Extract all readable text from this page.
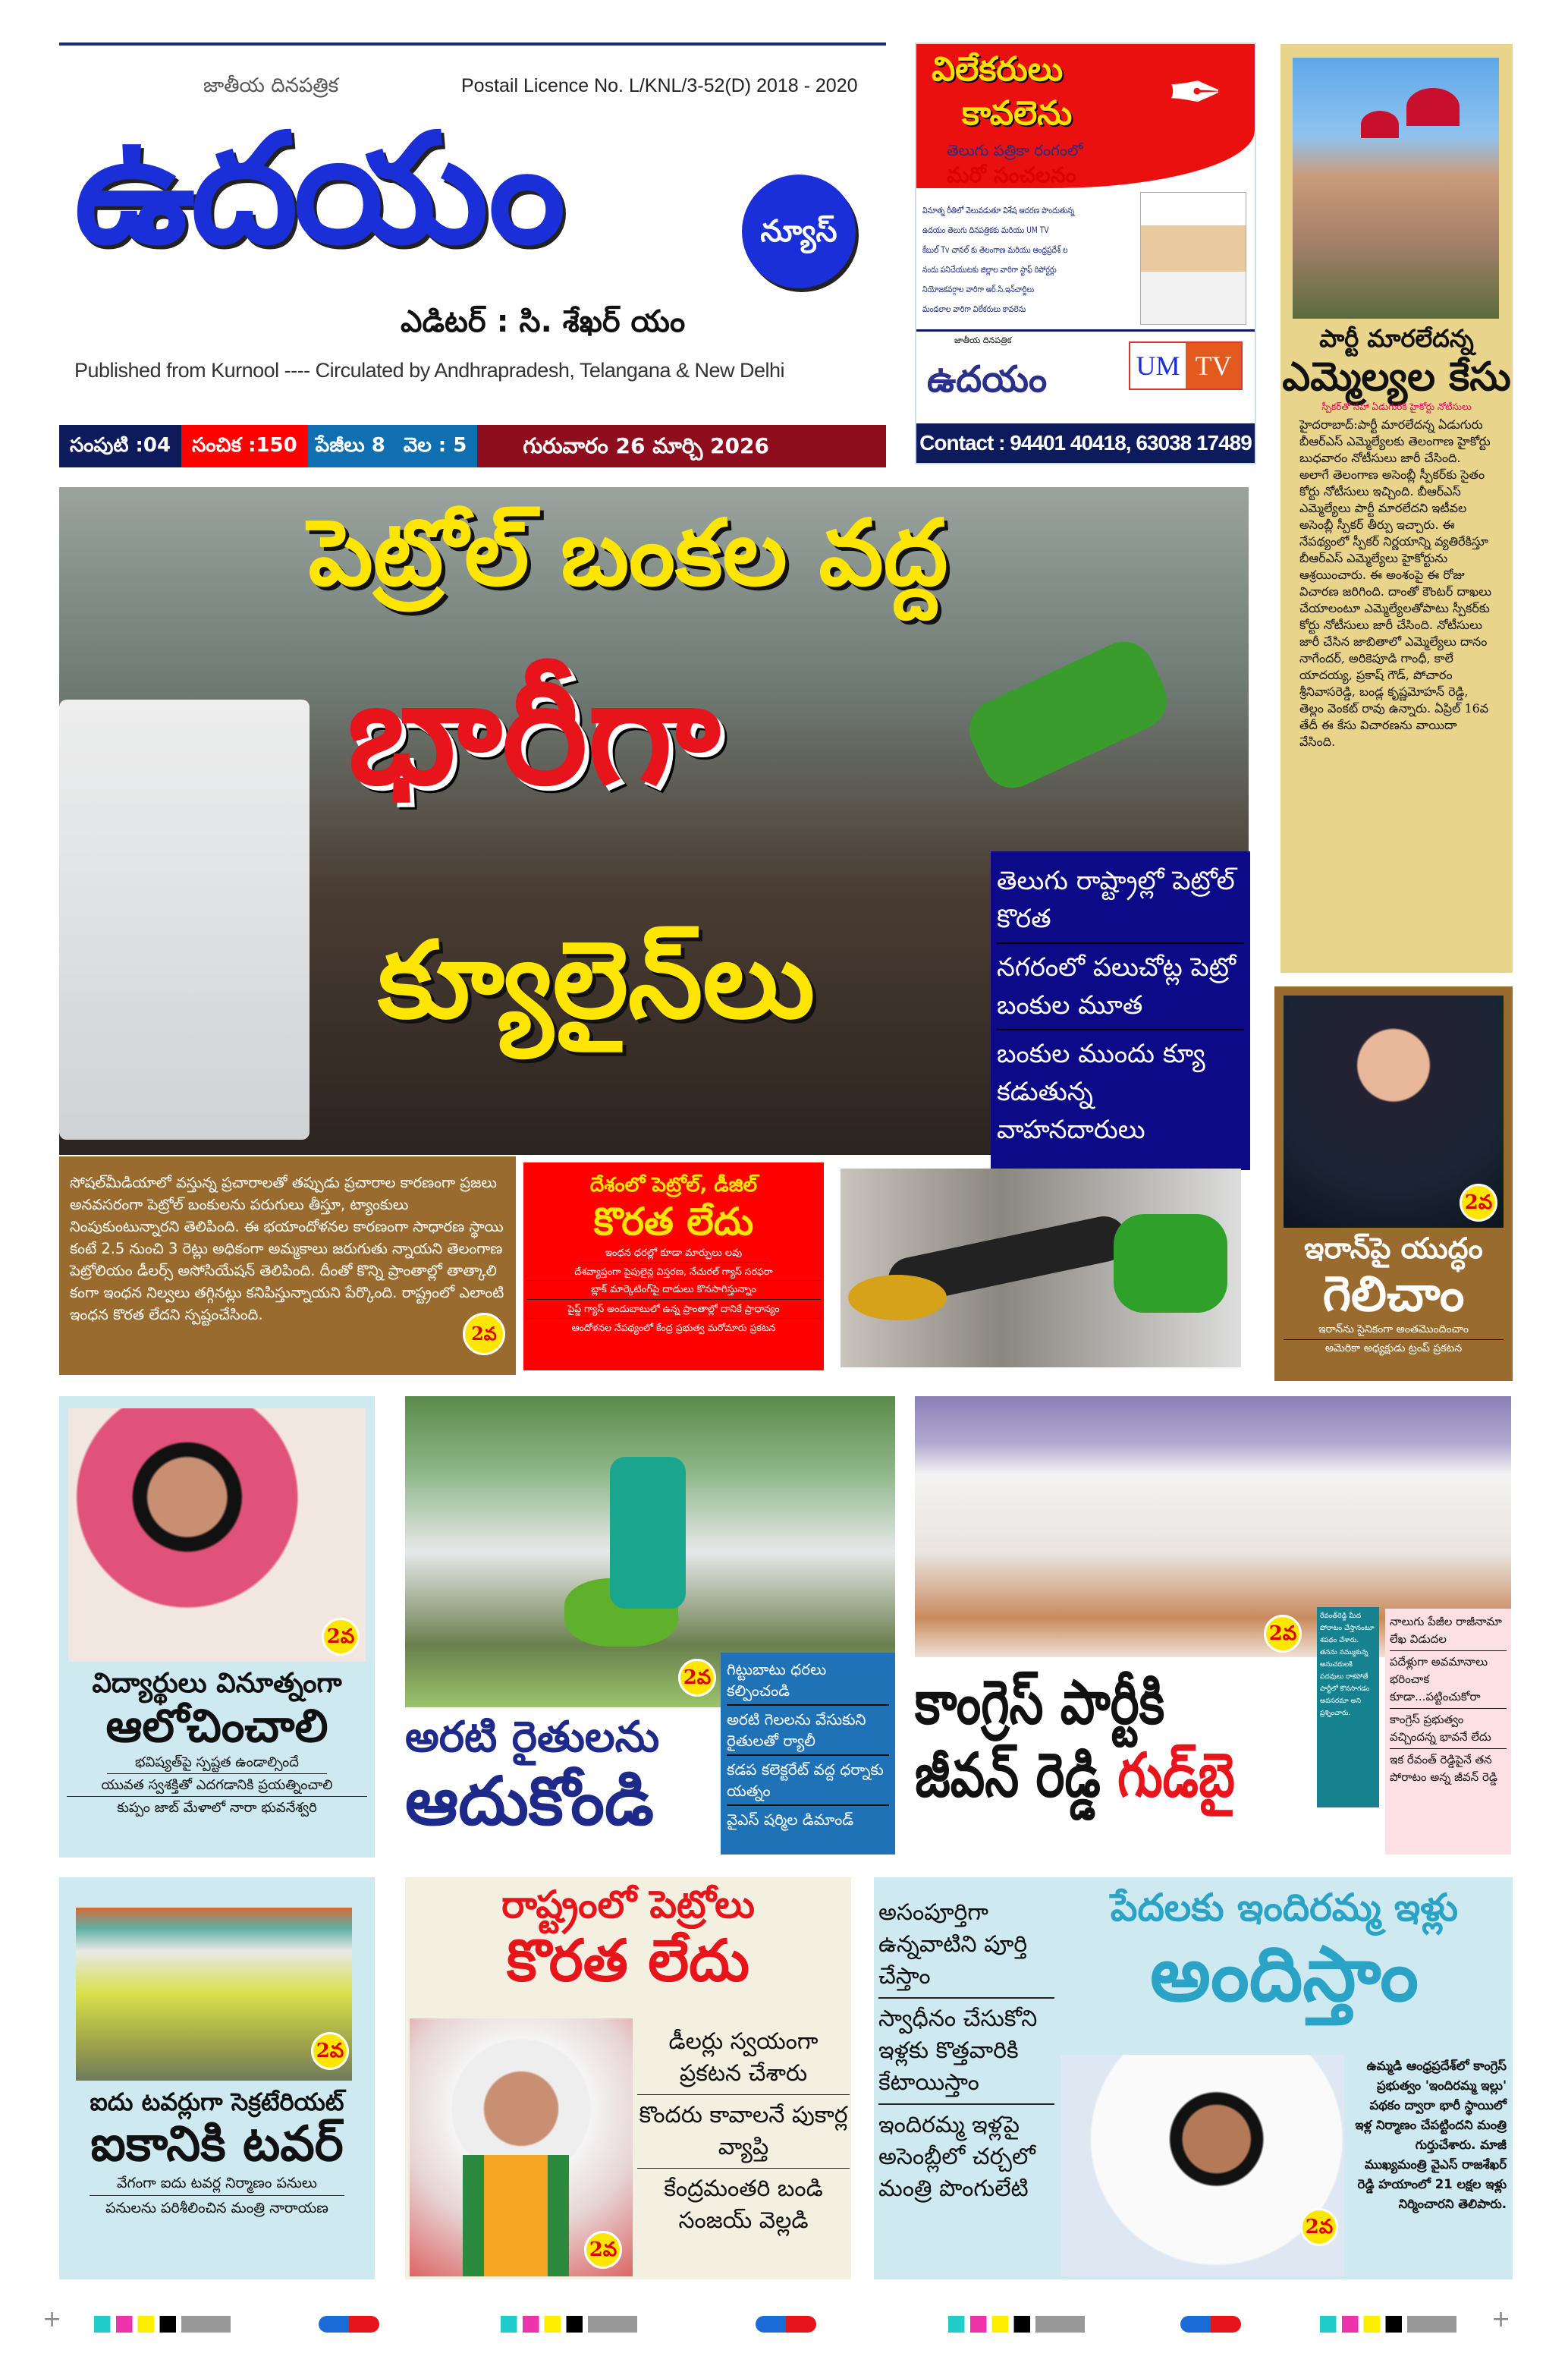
జాతీయ దినపత్రిక	Postail Licence No. L/KNL/3-52(D) 2018 - 2020
ఉదయం	న్యూస్
ఎడిటర్ : సి. శేఖర్ యం
Published from Kurnool ---- Circulated by Andhrapradesh, Telangana & New Delhi
సంపుటి :04	సంచిక :150 పేజీలు 8 వెల : 5	గురువారం 26 మార్చి 2026
విలేకరులు
కావలెను ✒
తెలుగు పత్రికా రంగంలో
మరో సంచలనం
వినూత్న రీతిలో వెలువడుతూ విశేష ఆదరణ పొందుతున్న
ఉదయం తెలుగు దినపత్రికకు మరియు UM TV
కేబుల్ Tv చానల్ కు తెలంగాణ మరియు ఆంధ్రప్రదేశ్ ల
నందు పనిచేయుటకు జిల్లాల వారిగా స్టాఫ్ రిపోర్టర్లు
నియోజకవర్గాల వారిగా ఆర్.సి.ఇన్‌చార్జిలు
మండలాల వారిగా విలేకరులు కావలెను
జాతీయ దినపత్రిక
ఉదయం	UM TV
Contact : 94401 40418, 63038 17489
పార్టీ మారలేదన్న
ఎమ్మెల్యల కేసు
స్పీకర్‌తో సహా ఏడుగురికి హైకోర్టు నోటీసులు
హైదరాబాద్:పార్టీ మారలేదన్న ఏడుగురు బీఆర్ఎస్ ఎమ్మెల్యేలకు తెలంగాణ హైకోర్టు బుధవారం నోటీసులు జారీ చేసింది. అలాగే తెలంగాణ అసెంబ్లీ స్పీకర్‌కు సైతం కోర్టు నోటీసులు ఇచ్చింది. బీఆర్ఎస్ ఎమ్మెల్యేలు పార్టీ మారలేదని ఇటీవల అసెంబ్లీ స్పీకర్ తీర్పు ఇచ్చారు. ఈ నేపథ్యంలో స్పీకర్ నిర్ణయాన్ని వ్యతిరేకిస్తూ బీఆర్ఎస్ ఎమ్మెల్యేలు హైకోర్టును ఆశ్రయించారు. ఈ అంశంపై ఈ రోజు విచారణ జరిగింది. దాంతో కౌంటర్ దాఖలు చేయాలంటూ ఎమ్మెల్యేలతోపాటు స్పీకర్‌కు కోర్టు నోటీసులు జారీ చేసింది. నోటీసులు జారీ చేసిన జాబితాలో ఎమ్మెల్యేలు దానం నాగేందర్, అరికెపూడి గాంధీ, కాలే యాదయ్య, ప్రకాష్ గౌడ్, పోచారం శ్రీనివాసరెడ్డి, బండ్ల కృష్ణమోహన్ రెడ్డి, తెల్లం వెంకట్ రావు ఉన్నారు. ఏప్రిల్ 16వ తేదీ ఈ కేసు విచారణను వాయిదా వేసింది.
పెట్రోల్ బంకల వద్ద
భారీగా
క్యూలైన్‌లు
తెలుగు రాష్ట్రాల్లో పెట్రోల్ కొరత
నగరంలో పలుచోట్ల పెట్రో బంకుల మూత
బంకుల ముందు క్యూ కడుతున్న వాహనదారులు
2వ
సోషల్‌మీడియాలో వస్తున్న ప్రచారాలతో తప్పుడు ప్రచారాల కారణంగా ప్రజలు అనవసరంగా పెట్రోల్ బంకులను పరుగులు తీస్తూ, ట్యాంకులు నింపుకుంటున్నారని తెలిపింది. ఈ భయాందోళనల కారణంగా సాధారణ స్థాయి కంటే 2.5 నుంచి 3 రెట్లు అధికంగా అమ్మకాలు జరుగుతు న్నాయని తెలంగాణ పెట్రోలియం డీలర్స్ అసోసియేషన్ తెలిపింది. దీంతో కొన్ని ప్రాంతాల్లో తాత్కాలి కంగా ఇంధన నిల్వలు తగ్గినట్లు కనిపిస్తున్నాయని పేర్కొంది. రాష్ట్రంలో ఎలాంటి ఇంధన కొరత లేదని స్పష్టంచేసింది.
దేశంలో పెట్రోల్, డీజిల్
కొరత లేదు
ఇంధన ధరల్లో కూడా మార్పులు లవు
దేశవ్యాప్తంగా పైపులైన్ల విస్తరణ, నేచురల్ గ్యాస్ సరఫరా
బ్లాక్ మార్కెటింగ్‌పై దాడులు కొనసాగిస్తున్నాం
పైప్డ్ గ్యాస్ అందుబాటులో ఉన్న ప్రాంతాల్లో దానికే ప్రాధాన్యం
ఆందోళనల నేపథ్యంలో కేంద్ర ప్రభుత్వ మరోమారు ప్రకటన
2వ
ఇరాన్‌పై యుద్ధం
గెలిచాం
ఇరాన్‌ను సైనికంగా అంతమొందించాం
అమెరికా అధ్యక్షుడు ట్రంప్ ప్రకటన
2వ
విద్యార్థులు వినూత్నంగా
ఆలోచించాలి
భవిష్యత్‌పై స్పష్టత ఉండాల్సిందే
యువత స్వశక్తితో ఎదగడానికి ప్రయత్నించాలి
కుప్పం జాబ్ మేళాలో నారా భువనేశ్వరి
2వ
అరటి రైతులను
ఆదుకోండి
గిట్టుబాటు ధరలు కల్పించండి
అరటి గెలలను వేసుకుని రైతులతో ర్యాలీ
కడప కలెక్టరేట్ వద్ద ధర్నాకు యత్నం
వైఎస్ షర్మిల డిమాండ్
2వ
కాంగ్రెస్ పార్టీకి
జీవన్ రెడ్డి గుడ్‌బై
రేవంత్‌రెడ్డి మీద పోరాటం చేస్తానంటూ శపథం చేశారు. తనను నమ్ముకున్న అనుచరులకి పదవులు రాకపోతే పార్టీలో కొనసాగడం అవసరమా అని ప్రశ్నించారు.
నాలుగు పేజీల రాజీనామా లేఖ విడుదల
పదేళ్లుగా అవమానాలు భరించాక కూడా...పట్టించుకోరా
కాంగ్రెస్ ప్రభుత్వం వచ్చిందన్న భావనే లేదు
ఇక రేవంత్ రెడ్డిపైనే తన పోరాటం అన్న జీవన్ రెడ్డి
2వ
ఐదు టవర్లుగా సెక్రటేరియట్
ఐకానికి టవర్
వేగంగా ఐదు టవర్ల నిర్మాణం పనులు
పనులను పరిశీలించిన మంత్రి నారాయణ
రాష్ట్రంలో పెట్రోలు
కొరత లేదు
2వ
డీలర్లు స్వయంగా ప్రకటన చేశారు
కొందరు కావాలనే పుకార్ల వ్యాప్తి
కేంద్రమంతరి బండి సంజయ్ వెల్లడి
అసంపూర్తిగా ఉన్నవాటిని పూర్తి చేస్తాం
స్వాధీనం చేసుకోని ఇళ్లకు కొత్తవారికి కేటాయిస్తాం
ఇందిరమ్మ ఇళ్లపై అసెంబ్లీలో చర్చలో మంత్రి పొంగులేటి
పేదలకు ఇందిరమ్మ ఇళ్లు
అందిస్తాం
2వ
ఉమ్మడి ఆంధ్రప్రదేశ్‌లో కాంగ్రెస్ ప్రభుత్వం 'ఇందిరమ్మ ఇల్లు' పథకం ద్వారా భారీ స్థాయిలో ఇళ్ల నిర్మాణం చేపట్టిందని మంత్రి గుర్తుచేశారు. మాజీ ముఖ్యమంత్రి వైఎస్ రాజశేఖర్ రెడ్డి హయాంలో 21 లక్షల ఇళ్లు నిర్మించారని తెలిపారు.
+	+
